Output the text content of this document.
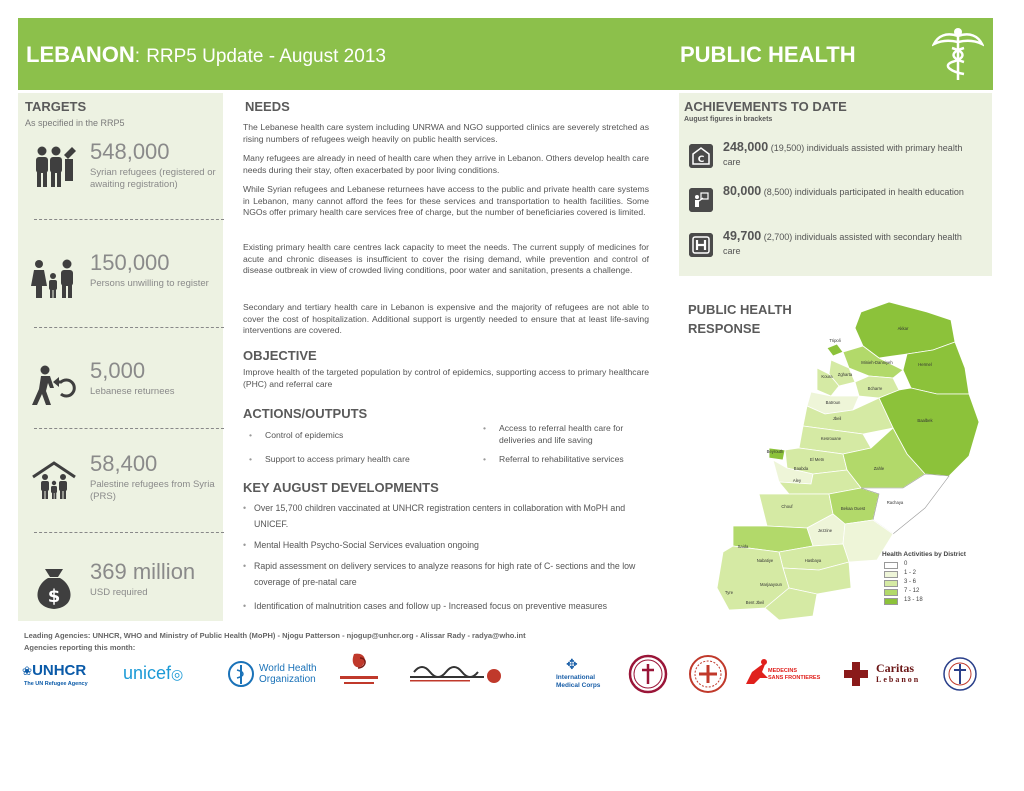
LEBANON: RRP5 Update - August 2013	PUBLIC HEALTH
TARGETS
As specified in the RRP5
548,000
Syrian refugees (registered or awaiting registration)
150,000
Persons unwilling to register
5,000
Lebanese returnees
58,400
Palestine refugees from Syria (PRS)
$
369 million
USD required
NEEDS

The Lebanese health care system including UNRWA and NGO supported clinics are severely stretched as rising numbers of refugees weigh heavily on public health services.

Many refugees are already in need of health care when they arrive in Lebanon. Others develop health care needs during their stay, often exacerbated by poor living conditions.

While Syrian refugees and Lebanese returnees have access to the public and private health care systems in Lebanon, many cannot afford the fees for these services and transportation to health facilities. Some NGOs offer primary health care services free of charge, but the number of beneficiaries covered is limited.

Existing primary health care centres lack capacity to meet the needs. The current supply of medicines for acute and chronic diseases is insufficient to cover the rising demand, while prevention and control of disease outbreak in view of crowded living conditions, poor water and sanitation, presents a challenge.

Secondary and tertiary health care in Lebanon is expensive and the majority of refugees are not able to cover the cost of hospitalization. Additional support is urgently needed to ensure that at least life-saving interventions are covered.

OBJECTIVE

Improve health of the targeted population by control of epidemics, supporting access to primary healthcare (PHC) and referral care

ACTIONS/OUTPUTS
• Control of epidemics
• Support to access primary health care
• Access to referral health care for deliveries and life saving
• Referral to rehabilitative services
KEY AUGUST DEVELOPMENTS
• Over 15,700 children vaccinated at UNHCR registration centers in collaboration with MoPH and UNICEF.
• Mental Health Psycho-Social Services evaluation ongoing
• Rapid assessment on delivery services to analyze reasons for high rate of C- sections and the low coverage of pre-natal care
• Identification of malnutrition cases and follow up - Increased focus on preventive measures
ACHIEVEMENTS TO DATE
August figures in brackets
C
248,000 (19,500) individuals assisted with primary health care
80,000 (8,500) individuals participated in health education
49,700 (2,700) individuals assisted with secondary health care
Akkar
Tripoli
Minieh-Danniyeh	Hermel
Zgharta
Koura
Bcharre
Batroun
Baalbek
Jbeil
Kesrouane
Beyrouth
El Metn
Baabda	Zahle
Aley
Chouf	Bekaa Ouest
Jezzine
Rachaya
Saida
Nabatiye	Hasbaya
Marjaayoun
Tyre
Bent Jbeil
PUBLIC HEALTH RESPONSE
Health Activities by District
0
1 - 2
3 - 6
7 - 12
13 - 18
Leading Agencies: UNHCR, WHO and Ministry of Public Health (MoPH) - Njogu Patterson - njogup@unhcr.org - Alissar Rady - radya@who.int
Agencies reporting this month:
❀UNHCR
The UN Refugee Agency
unicef◎	World Health
Organization
✥
International
Medical Corps
MEDECINS
SANS FRONTIERES
Caritas
Lebanon
